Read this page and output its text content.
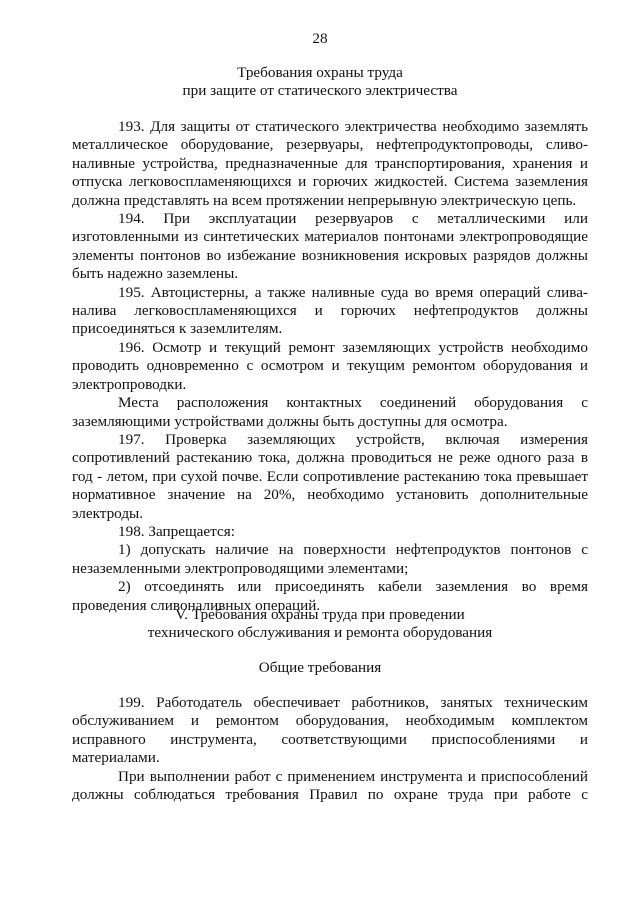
28
Требования охраны труда
при защите от статического электричества

193. Для защиты от статического электричества необходимо заземлять металлическое оборудование, резервуары, нефтепродуктопроводы, сливо-наливные устройства, предназначенные для транспортирования, хранения и отпуска легковоспламеняющихся и горючих жидкостей. Система заземления должна представлять на всем протяжении непрерывную электрическую цепь.

194. При эксплуатации резервуаров с металлическими или изготовленными из синтетических материалов понтонами электропроводящие элементы понтонов во избежание возникновения искровых разрядов должны быть надежно заземлены.

195. Автоцистерны, а также наливные суда во время операций слива-налива легковоспламеняющихся и горючих нефтепродуктов должны присоединяться к заземлителям.

196. Осмотр и текущий ремонт заземляющих устройств необходимо проводить одновременно с осмотром и текущим ремонтом оборудования и электропроводки.

Места расположения контактных соединений оборудования с заземляющими устройствами должны быть доступны для осмотра.

197. Проверка заземляющих устройств, включая измерения сопротивлений растеканию тока, должна проводиться не реже одного раза в год - летом, при сухой почве. Если сопротивление растеканию тока превышает нормативное значение на 20%, необходимо установить дополнительные электроды.

198. Запрещается:

1) допускать наличие на поверхности нефтепродуктов понтонов с незаземленными электропроводящими элементами;

2) отсоединять или присоединять кабели заземления во время проведения сливоналивных операций.

V. Требования охраны труда при проведении
технического обслуживания и ремонта оборудования
Общие требования

199. Работодатель обеспечивает работников, занятых техническим обслуживанием и ремонтом оборудования, необходимым комплектом исправного инструмента, соответствующими приспособлениями и материалами.

При выполнении работ с применением инструмента и приспособлений должны соблюдаться требования Правил по охране труда при работе с
